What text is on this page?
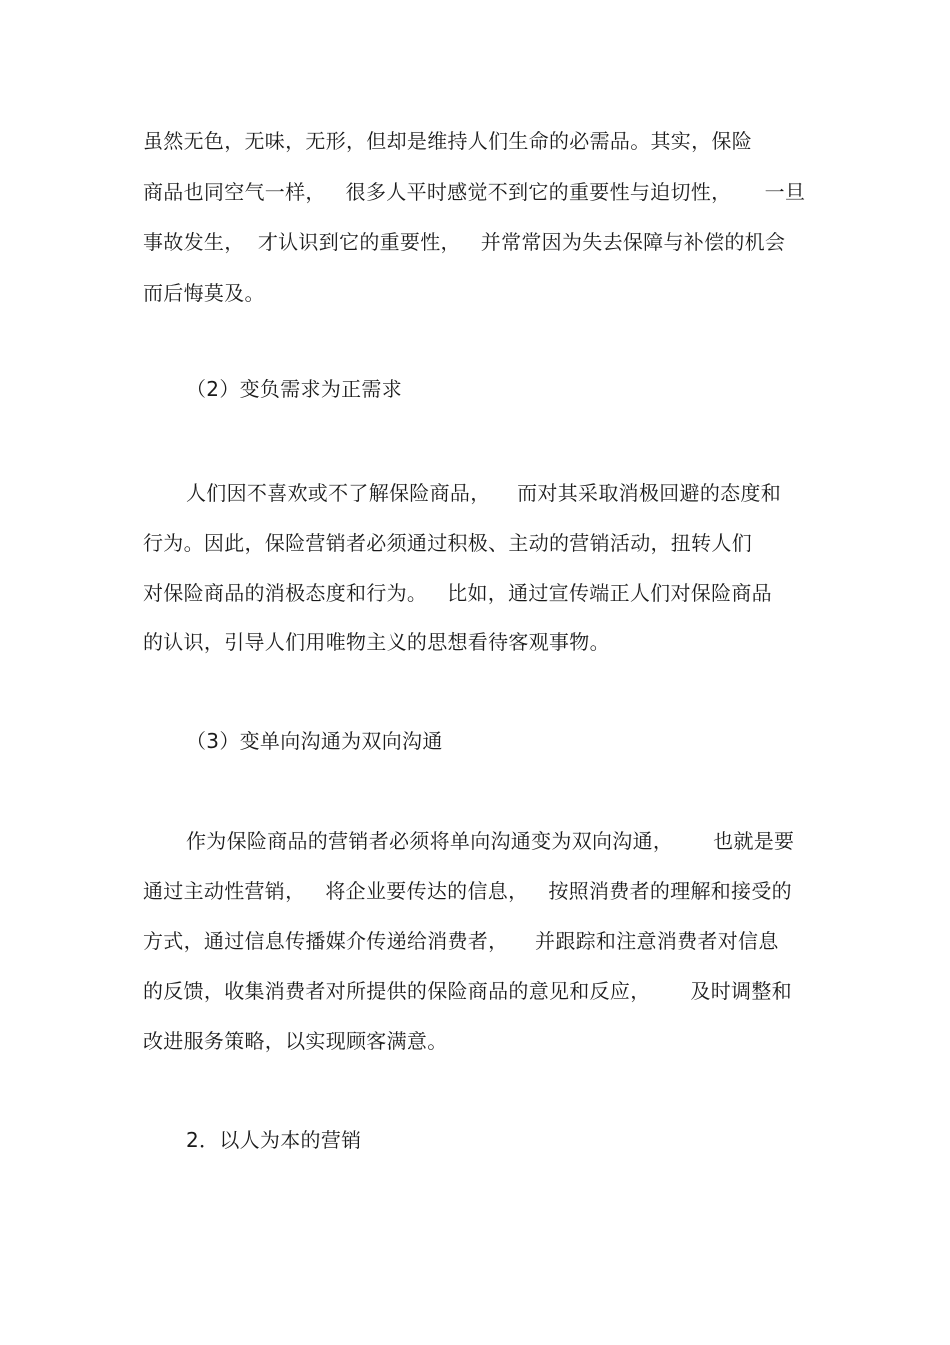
虽然无色，无味，无形，但却是维持人们生命的必需品。其实，保险

商品也同空气一样，   很多人平时感觉不到它的重要性与迫切性，     一旦

事故发生，  才认识到它的重要性，   并常常因为失去保障与补偿的机会

而后悔莫及。

（2）变负需求为正需求

人们因不喜欢或不了解保险商品，    而对其采取消极回避的态度和

行为。因此，保险营销者必须通过积极、主动的营销活动，扭转人们

对保险商品的消极态度和行为。   比如，通过宣传端正人们对保险商品

的认识，引导人们用唯物主义的思想看待客观事物。

（3）变单向沟通为双向沟通

作为保险商品的营销者必须将单向沟通变为双向沟通，      也就是要

通过主动性营销，   将企业要传达的信息，   按照消费者的理解和接受的

方式，通过信息传播媒介传递给消费者，    并跟踪和注意消费者对信息

的反馈，收集消费者对所提供的保险商品的意见和反应，      及时调整和

改进服务策略，以实现顾客满意。

2．以人为本的营销
